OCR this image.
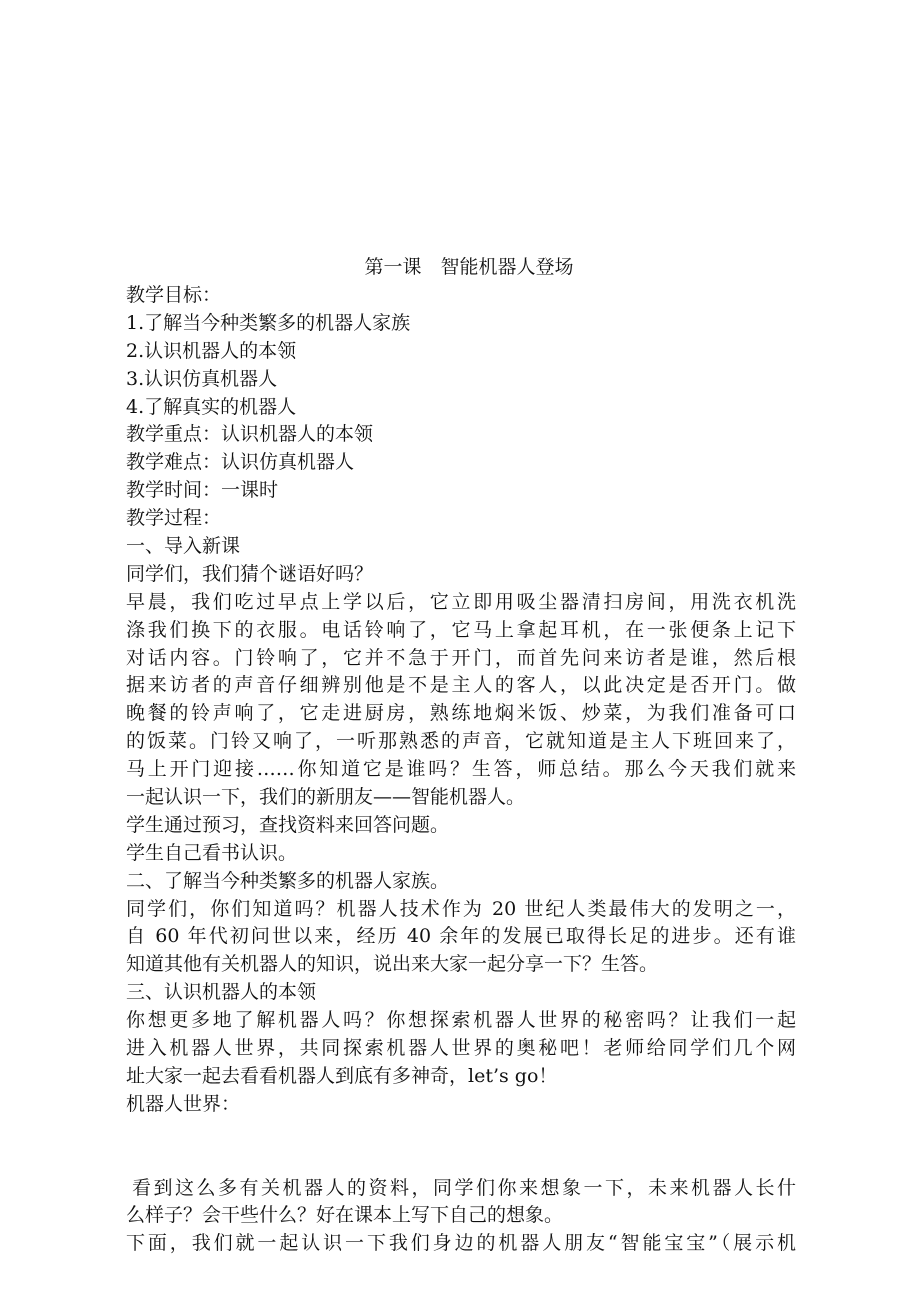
第一课　智能机器人登场
教学目标：
1.了解当今种类繁多的机器人家族
2.认识机器人的本领
3.认识仿真机器人
4.了解真实的机器人
教学重点：认识机器人的本领
教学难点：认识仿真机器人
教学时间：一课时
教学过程：
一、导入新课
同学们，我们猜个谜语好吗？
早晨，我们吃过早点上学以后，它立即用吸尘器清扫房间，用洗衣机洗
涤我们换下的衣服。电话铃响了，它马上拿起耳机，在一张便条上记下
对话内容。门铃响了，它并不急于开门，而首先问来访者是谁，然后根
据来访者的声音仔细辨别他是不是主人的客人，以此决定是否开门。做
晚餐的铃声响了，它走进厨房，熟练地焖米饭、炒菜，为我们准备可口
的饭菜。门铃又响了，一听那熟悉的声音，它就知道是主人下班回来了，
马上开门迎接……你知道它是谁吗？生答，师总结。那么今天我们就来
一起认识一下，我们的新朋友——智能机器人。
学生通过预习，查找资料来回答问题。
学生自己看书认识。
二、了解当今种类繁多的机器人家族。
同学们，你们知道吗？机器人技术作为 20 世纪人类最伟大的发明之一，
自 60 年代初问世以来，经历 40 余年的发展已取得长足的进步。还有谁
知道其他有关机器人的知识，说出来大家一起分享一下？生答。
三、认识机器人的本领
你想更多地了解机器人吗？你想探索机器人世界的秘密吗？让我们一起
进入机器人世界，共同探索机器人世界的奥秘吧！老师给同学们几个网
址大家一起去看看机器人到底有多神奇，let’s go！
机器人世界：
看到这么多有关机器人的资料，同学们你来想象一下，未来机器人长什
么样子？会干些什么？好在课本上写下自己的想象。
下面，我们就一起认识一下我们身边的机器人朋友“智能宝宝”（展示机
